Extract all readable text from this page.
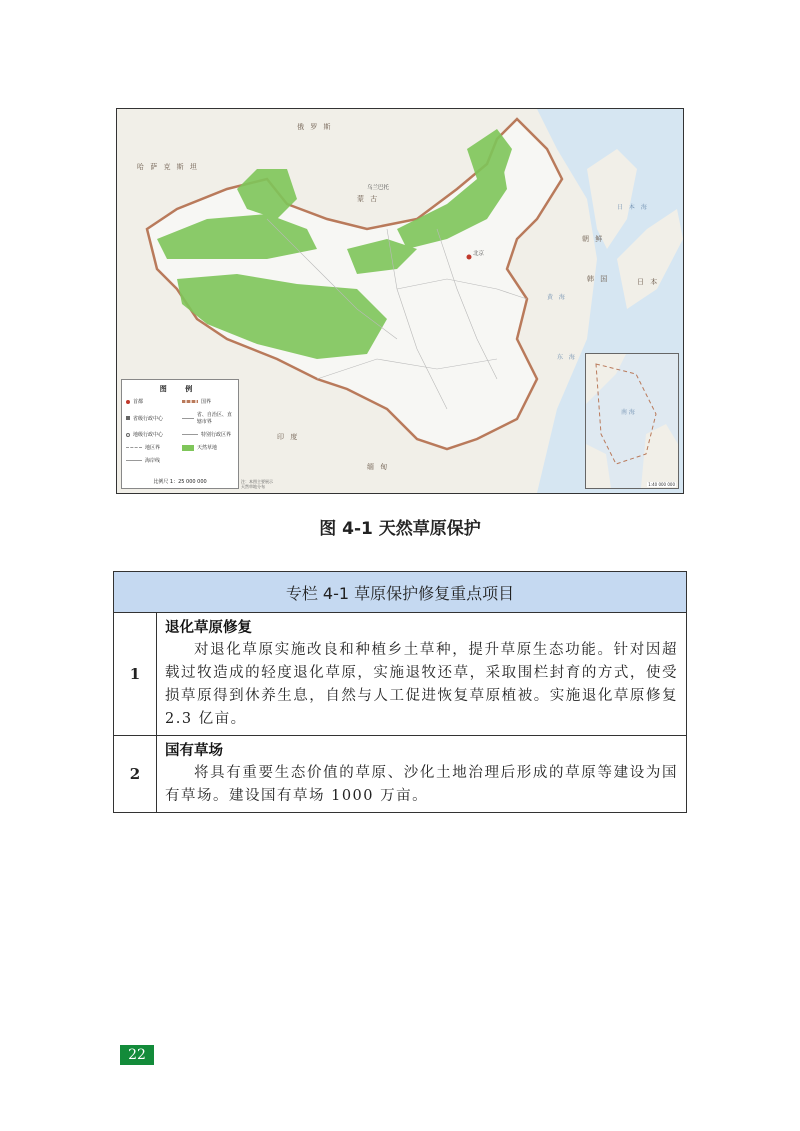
俄 罗 斯
哈 萨 克 斯 坦
蒙 古
朝 鲜
韩 国	日 本
印 度
缅 甸
乌兰巴托
北京
日 本 海
黄 海
东 海
图 例
首都	国界
省级行政中心
省、自治区、直辖市界
地级行政中心	特别行政区界
地区界	天然草地
海岸线
比例尺 1：25 000 000	注：本图主要展示
天然草地分布
南 海
1:40 000 000
图 4-1 天然草原保护
专栏 4-1 草原保护修复重点项目	
1	退化草原修复
对退化草原实施改良和种植乡土草种，提升草原生态功能。针对因超载过牧造成的轻度退化草原，实施退牧还草，采取围栏封育的方式，使受损草原得到休养生息，自然与人工促进恢复草原植被。实施退化草原修复 2.3 亿亩。

2	国有草场
将具有重要生态价值的草原、沙化土地治理后形成的草原等建设为国有草场。建设国有草场 1000 万亩。
22
